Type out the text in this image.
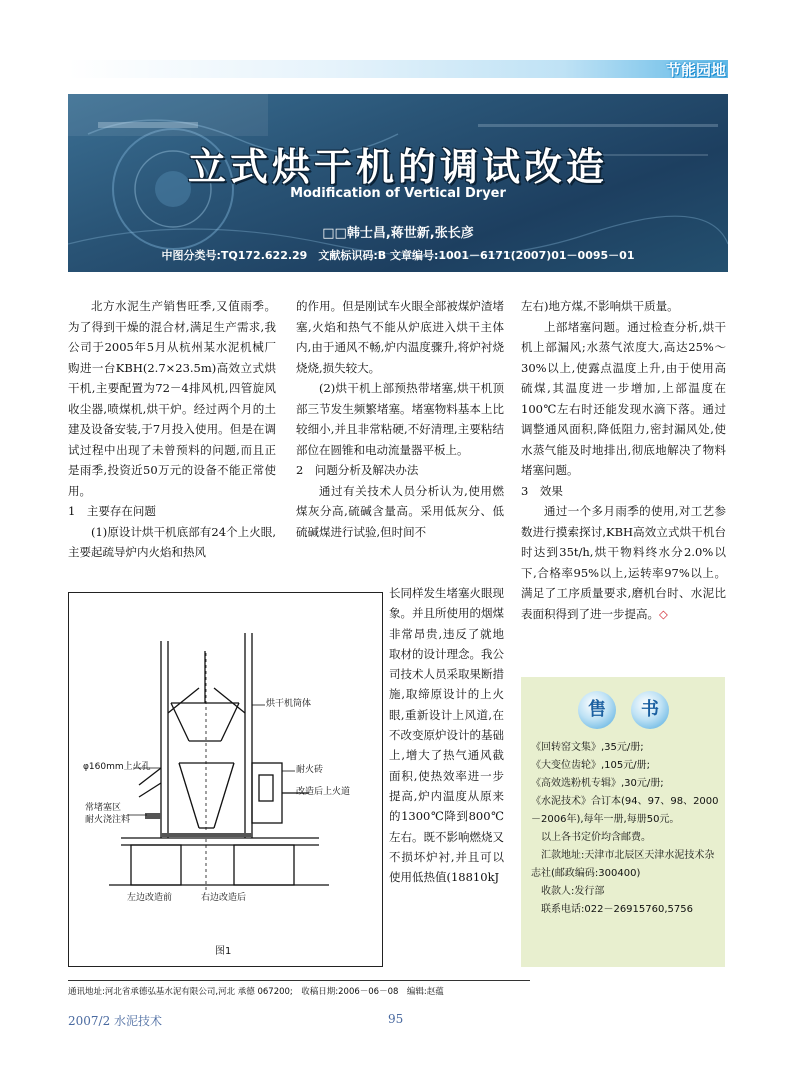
节能园地
立式烘干机的调试改造
Modification of Vertical Dryer
□□韩士昌,蒋世新,张长彦
中图分类号:TQ172.622.29　文献标识码:B 文章编号:1001－6171(2007)01－0095－01

北方水泥生产销售旺季,又值雨季。为了得到干燥的混合材,满足生产需求,我公司于2005年5月从杭州某水泥机械厂购进一台KBH(2.7×23.5m)高效立式烘干机,主要配置为72－4排风机,四管旋风收尘器,喷煤机,烘干炉。经过两个月的土建及设备安装,于7月投入使用。但是在调试过程中出现了未曾预料的问题,而且正是雨季,投资近50万元的设备不能正常使用。

1　主要存在问题

(1)原设计烘干机底部有24个上火眼,主要起疏导炉内火焰和热风

的作用。但是刚试车火眼全部被煤炉渣堵塞,火焰和热气不能从炉底进入烘干主体内,由于通风不畅,炉内温度骤升,将炉衬烧烧烧,损失较大。

(2)烘干机上部预热带堵塞,烘干机顶部三节发生频繁堵塞。堵塞物料基本上比较细小,并且非常粘硬,不好清理,主要粘结部位在圆锥和电动流量器平板上。

2　问题分析及解决办法

通过有关技术人员分析认为,使用燃煤灰分高,硫碱含量高。采用低灰分、低硫碱煤进行试验,但时间不

长同样发生堵塞火眼现象。并且所使用的烟煤非常昂贵,违反了就地取材的设计理念。我公司技术人员采取果断措施,取缔原设计的上火眼,重新设计上风道,在不改变原炉设计的基础上,增大了热气通风截面积,使热效率进一步提高,炉内温度从原来的1300℃降到800℃左右。既不影响燃烧又不损坏炉衬,并且可以使用低热值(18810kJ

左右)地方煤,不影响烘干质量。

上部堵塞问题。通过检查分析,烘干机上部漏风;水蒸气浓度大,高达25%～30%以上,使露点温度上升,由于使用高硫煤,其温度进一步增加,上部温度在100℃左右时还能发现水滴下落。通过调整通风面积,降低阻力,密封漏风处,使水蒸气能及时地排出,彻底地解决了物料堵塞问题。

3　效果

通过一个多月雨季的使用,对工艺参数进行摸索探讨,KBH高效立式烘干机台时达到35t/h,烘干物料终水分2.0%以下,合格率95%以上,运转率97%以上。满足了工序质量要求,磨机台时、水泥比表面积得到了进一步提高。◇

烘干机筒体
φ160mm上火孔	耐火砖
改造后上火道
常堵塞区
耐火浇注料
左边改造前	右边改造后
图1
售	书

《回转窑文集》,35元/册;

《大变位齿轮》,105元/册;

《高效选粉机专辑》,30元/册;

《水泥技术》合订本(94、97、98、2000－2006年),每年一册,每册50元。

以上各书定价均含邮费。

汇款地址:天津市北辰区天津水泥技术杂志社(邮政编码:300400)

收款人:发行部

联系电话:022－26915760,5756

通讯地址:河北省承德弘基水泥有限公司,河北 承德 067200;　收稿日期:2006－06－08　编辑:赵蕴
2007/2 水泥技术	95
